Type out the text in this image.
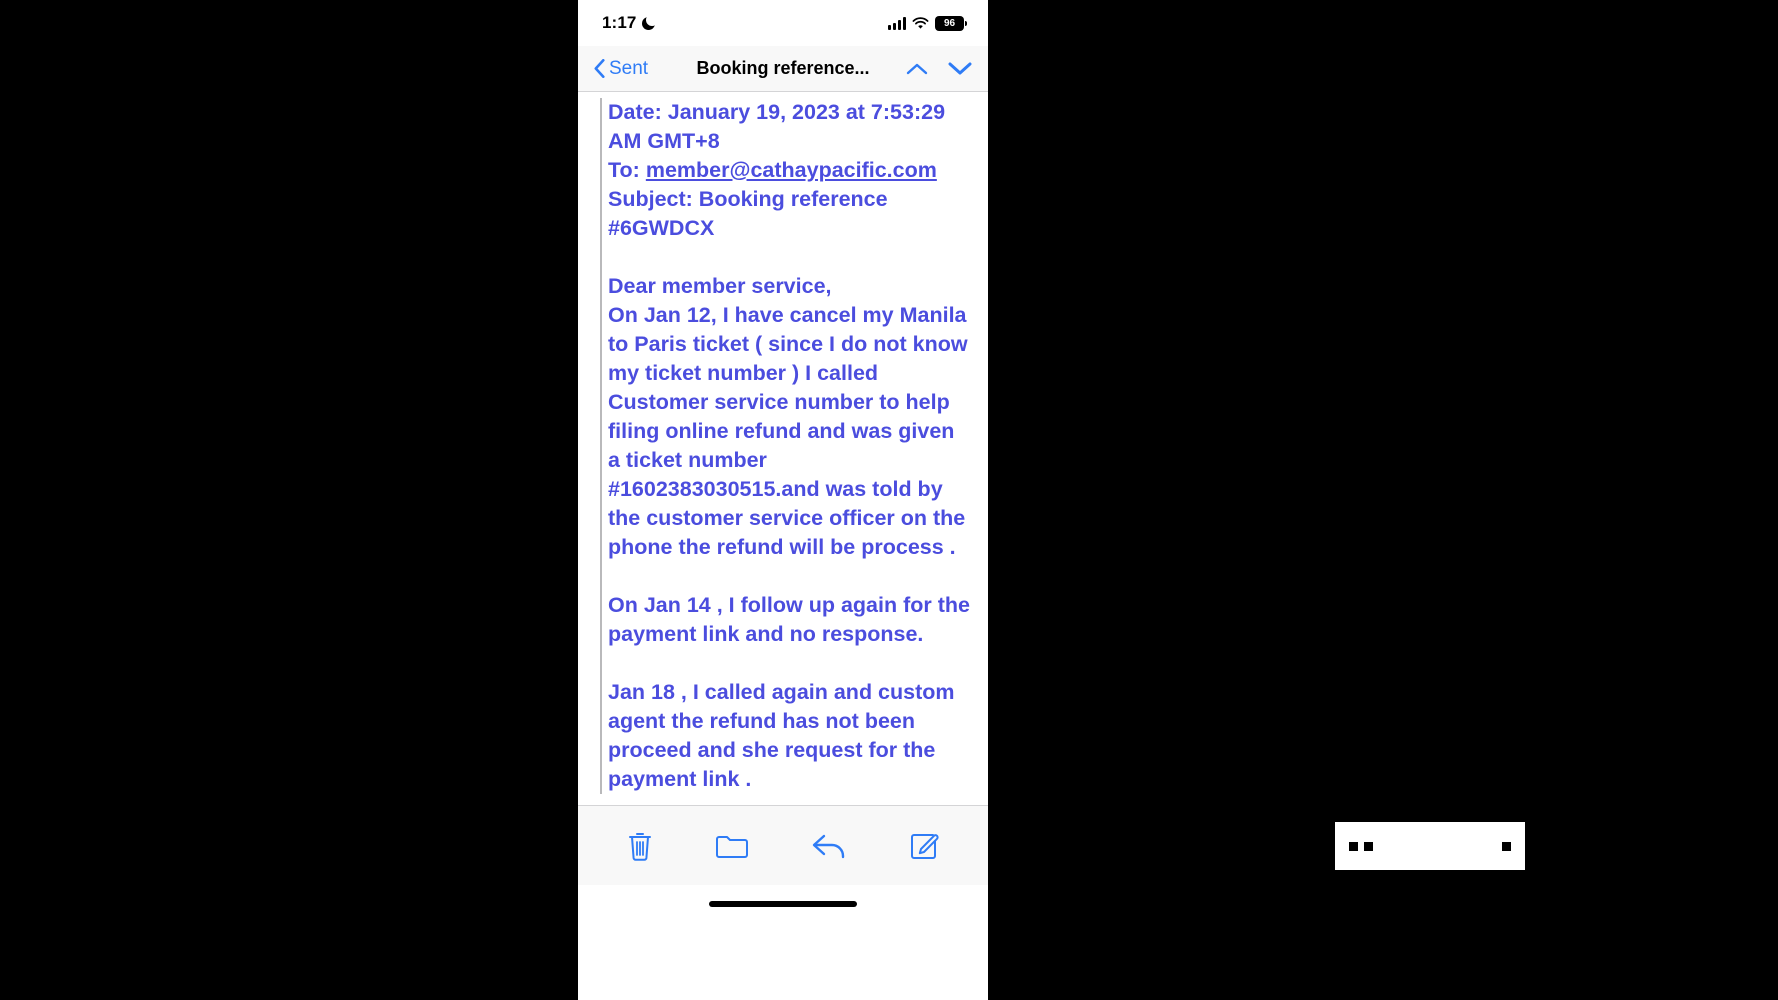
1:17	96
Sent	Booking reference...

Date: January 19, 2023 at 7:53:29 AM GMT+8

To: member@cathaypacific.com

Subject: Booking reference #6GWDCX

Dear member service,

On Jan 12, I have cancel my Manila to Paris ticket ( since I do not know my ticket number ) I called Customer service number to help filing online refund and was given a ticket number #1602383030515.and was told by the customer service officer on the phone the refund will be process .

On Jan 14 , I follow up again for the payment link and no response.

Jan 18 , I called again and custom agent the refund has not been proceed and she request for the payment link .
